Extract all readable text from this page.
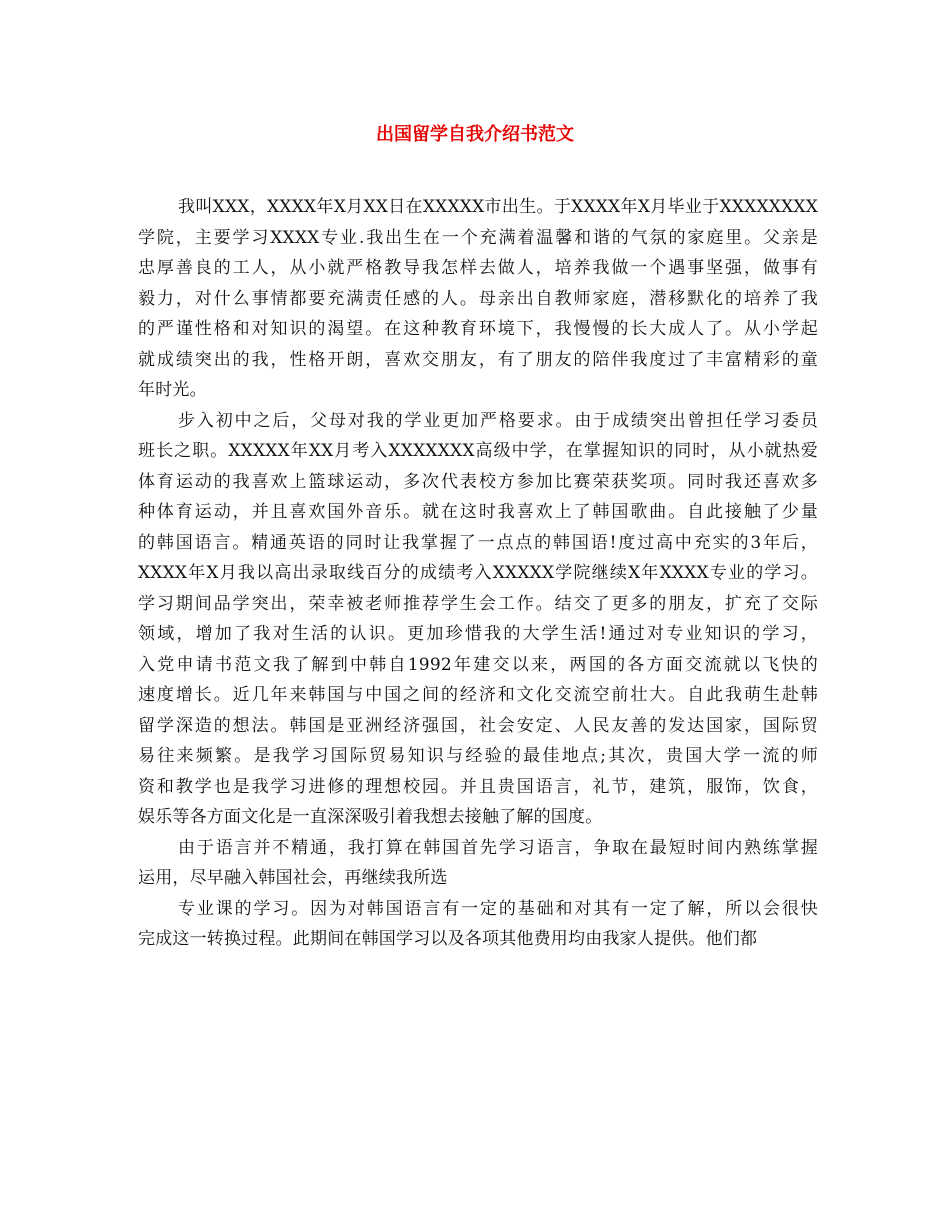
出国留学自我介绍书范文

我叫XXX，XXXX年X月XX日在XXXXX市出生。于XXXX年X月毕业于XXXXXXXX
学院，主要学习XXXX专业.我出生在一个充满着温馨和谐的气氛的家庭里。父亲是
忠厚善良的工人，从小就严格教导我怎样去做人，培养我做一个遇事坚强，做事有
毅力，对什么事情都要充满责任感的人。母亲出自教师家庭，潜移默化的培养了我
的严谨性格和对知识的渴望。在这种教育环境下，我慢慢的长大成人了。从小学起
就成绩突出的我，性格开朗，喜欢交朋友，有了朋友的陪伴我度过了丰富精彩的童
年时光。

步入初中之后，父母对我的学业更加严格要求。由于成绩突出曾担任学习委员
班长之职。XXXXX年XX月考入XXXXXXX高级中学，在掌握知识的同时，从小就热爱
体育运动的我喜欢上篮球运动，多次代表校方参加比赛荣获奖项。同时我还喜欢多
种体育运动，并且喜欢国外音乐。就在这时我喜欢上了韩国歌曲。自此接触了少量
的韩国语言。精通英语的同时让我掌握了一点点的韩国语!度过高中充实的3年后，
XXXX年X月我以高出录取线百分的成绩考入XXXXX学院继续X年XXXX专业的学习。
学习期间品学突出，荣幸被老师推荐学生会工作。结交了更多的朋友，扩充了交际
领域，增加了我对生活的认识。更加珍惜我的大学生活!通过对专业知识的学习，
入党申请书范文我了解到中韩自1992年建交以来，两国的各方面交流就以飞快的
速度增长。近几年来韩国与中国之间的经济和文化交流空前壮大。自此我萌生赴韩
留学深造的想法。韩国是亚洲经济强国，社会安定、人民友善的发达国家，国际贸
易往来频繁。是我学习国际贸易知识与经验的最佳地点;其次，贵国大学一流的师
资和教学也是我学习进修的理想校园。并且贵国语言，礼节，建筑，服饰，饮食，
娱乐等各方面文化是一直深深吸引着我想去接触了解的国度。

由于语言并不精通，我打算在韩国首先学习语言，争取在最短时间内熟练掌握
运用，尽早融入韩国社会，再继续我所选

专业课的学习。因为对韩国语言有一定的基础和对其有一定了解，所以会很快
完成这一转换过程。此期间在韩国学习以及各项其他费用均由我家人提供。他们都
